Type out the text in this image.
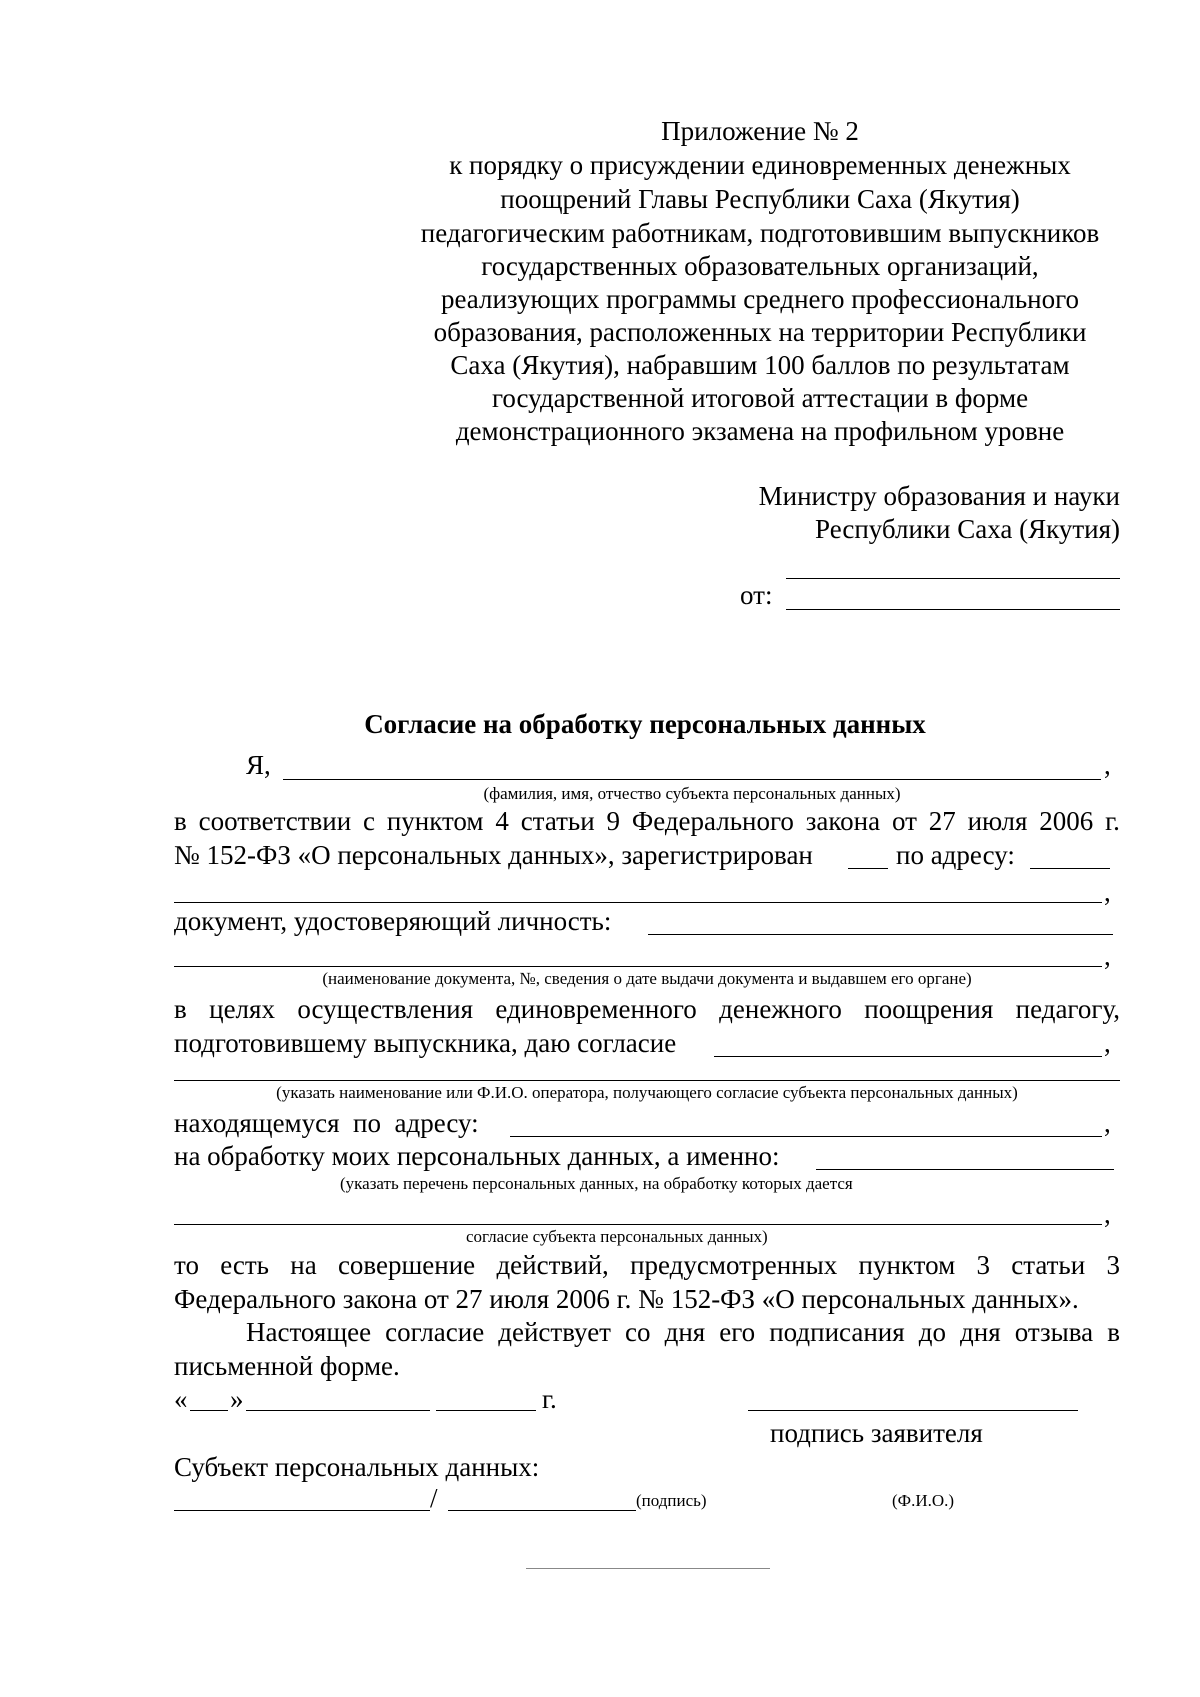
Приложение № 2
к порядку о присуждении единовременных денежных
поощрений Главы Республики Саха (Якутия)
педагогическим работникам, подготовившим выпускников
государственных образовательных организаций,
реализующих программы среднего профессионального
образования, расположенных на территории Республики
Саха (Якутия), набравшим 100 баллов по результатам
государственной итоговой аттестации в форме
демонстрационного экзамена на профильном уровне
Министру образования и науки
Республики Саха (Якутия)
от:
Согласие на обработку персональных данных
Я,	,
(фамилия, имя, отчество субъекта персональных данных)
в соответствии с пунктом 4 статьи 9 Федерального закона от 27 июля 2006 г.
№ 152-ФЗ «О персональных данных», зарегистрирован	по адресу:
,
документ, удостоверяющий личность:
,
(наименование документа, №, сведения о дате выдачи документа и выдавшем его органе)
в целях осуществления единовременного денежного поощрения педагогу,
подготовившему выпускника, даю согласие	,
(указать наименование или Ф.И.О. оператора, получающего согласие субъекта персональных данных)
находящемуся  по  адресу:	,
на обработку моих персональных данных, а именно:
(указать перечень персональных данных, на обработку которых дается
,
согласие субъекта персональных данных)
то есть на совершение действий, предусмотренных пунктом 3 статьи 3
Федерального закона от 27 июля 2006 г. № 152-ФЗ «О персональных данных».
Настоящее согласие действует со дня его подписания до дня отзыва в
письменной форме.
« »	г.
подпись заявителя
Субъект персональных данных:
/	(подпись)	(Ф.И.О.)
